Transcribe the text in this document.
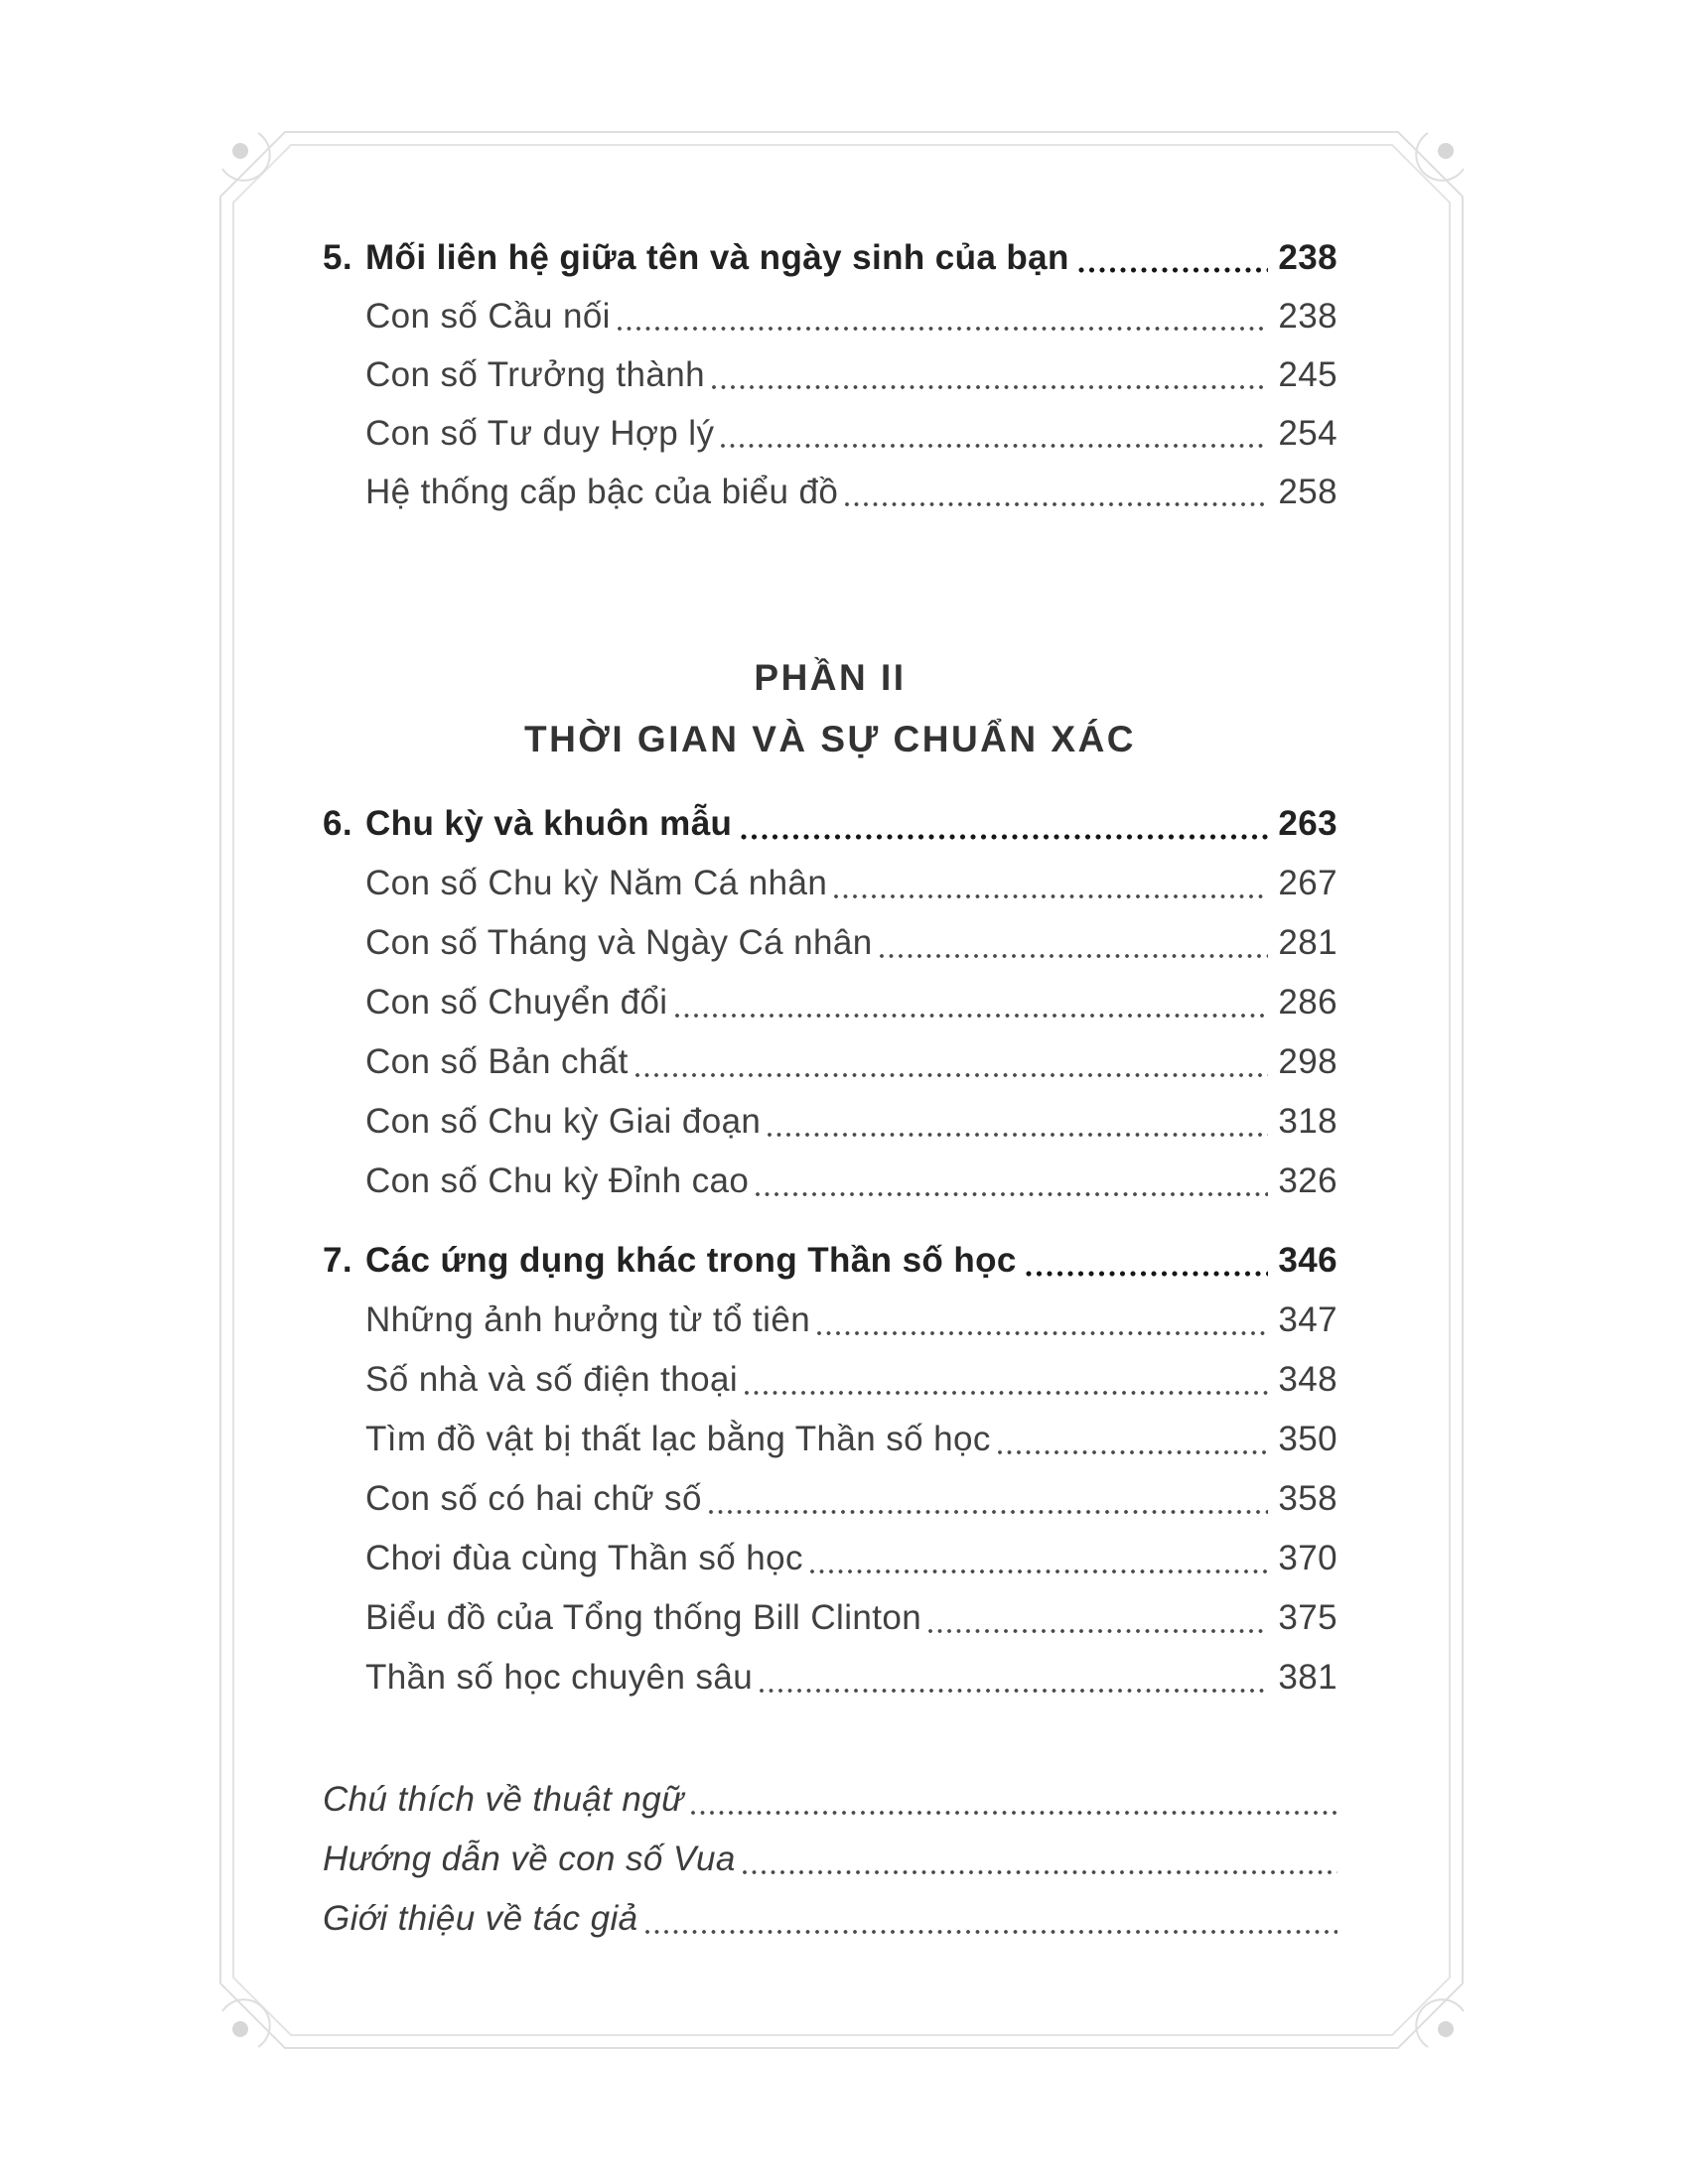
5. Mối liên hệ giữa tên và ngày sinh của bạn	238
Con số Cầu nối	238
Con số Trưởng thành	245
Con số Tư duy Hợp lý	254
Hệ thống cấp bậc của biểu đồ	258
PHẦN II
THỜI GIAN VÀ SỰ CHUẨN XÁC
6. Chu kỳ và khuôn mẫu	263
Con số Chu kỳ Năm Cá nhân	267
Con số Tháng và Ngày Cá nhân	281
Con số Chuyển đổi	286
Con số Bản chất	298
Con số Chu kỳ Giai đoạn	318
Con số Chu kỳ Đỉnh cao	326
7. Các ứng dụng khác trong Thần số học	346
Những ảnh hưởng từ tổ tiên	347
Số nhà và số điện thoại	348
Tìm đồ vật bị thất lạc bằng Thần số học	350
Con số có hai chữ số	358
Chơi đùa cùng Thần số học	370
Biểu đồ của Tổng thống Bill Clinton	375
Thần số học chuyên sâu	381
Chú thích về thuật ngữ
Hướng dẫn về con số Vua
Giới thiệu về tác giả
